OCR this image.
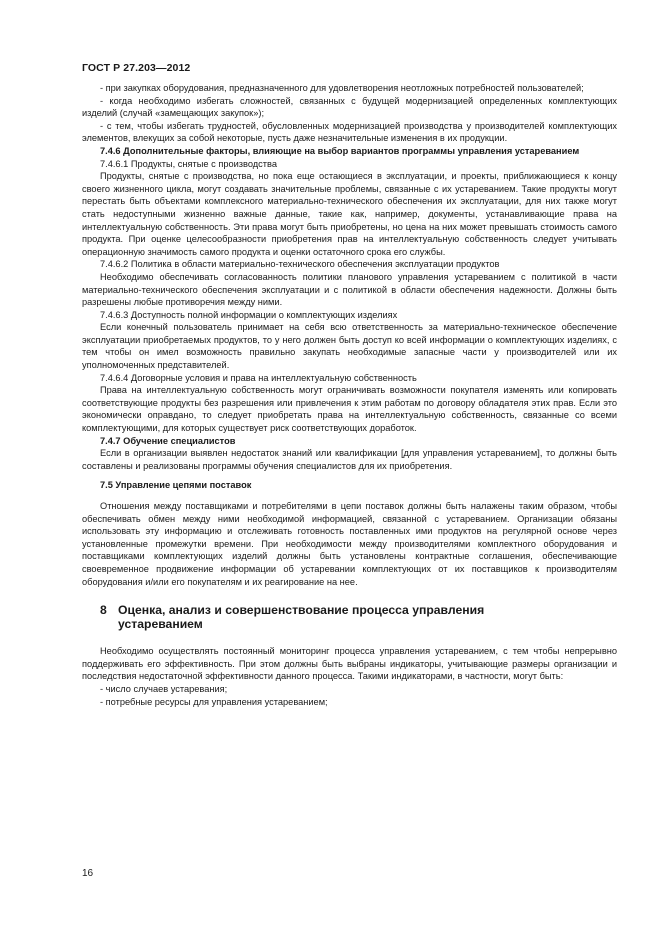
ГОСТ Р 27.203—2012

- при закупках оборудования, предназначенного для удовлетворения неотложных потребностей пользователей;

- когда необходимо избегать сложностей, связанных с будущей модернизацией определенных комплектующих изделий (случай «замещающих закупок»);

- с тем, чтобы избегать трудностей, обусловленных модернизацией производства у производителей комплектующих элементов, влекущих за собой некоторые, пусть даже незначительные изменения в их продукции.

7.4.6 Дополнительные факторы, влияющие на выбор вариантов программы управления устареванием

7.4.6.1 Продукты, снятые с производства

Продукты, снятые с производства, но пока еще остающиеся в эксплуатации, и проекты, приближающиеся к концу своего жизненного цикла, могут создавать значительные проблемы, связанные с их устареванием. Такие продукты могут перестать быть объектами комплексного материально-технического обеспечения их эксплуатации, для них также могут стать недоступными жизненно важные данные, такие как, например, документы, устанавливающие права на интеллектуальную собственность. Эти права могут быть приобретены, но цена на них может превышать стоимость самого продукта. При оценке целесообразности приобретения прав на интеллектуальную собственность следует учитывать операционную значимость самого продукта и оценки остаточного срока его службы.

7.4.6.2 Политика в области материально-технического обеспечения эксплуатации продуктов

Необходимо обеспечивать согласованность политики планового управления устареванием с политикой в части материально-технического обеспечения эксплуатации и с политикой в области обеспечения надежности. Должны быть разрешены любые противоречия между ними.

7.4.6.3 Доступность полной информации о комплектующих изделиях

Если конечный пользователь принимает на себя всю ответственность за материально-техническое обеспечение эксплуатации приобретаемых продуктов, то у него должен быть доступ ко всей информации о комплектующих изделиях, с тем чтобы он имел возможность правильно закупать необходимые запасные части у производителей или их уполномоченных представителей.

7.4.6.4 Договорные условия и права на интеллектуальную собственность

Права на интеллектуальную собственность могут ограничивать возможности покупателя изменять или копировать соответствующие продукты без разрешения или привлечения к этим работам по договору обладателя этих прав. Если это экономически оправдано, то следует приобретать права на интеллектуальную собственность, связанные со всеми комплектующими, для которых существует риск соответствующих доработок.

7.4.7 Обучение специалистов

Если в организации выявлен недостаток знаний или квалификации [для управления устареванием], то должны быть составлены и реализованы программы обучения специалистов для их приобретения.

7.5 Управление цепями поставок

Отношения между поставщиками и потребителями в цепи поставок должны быть налажены таким образом, чтобы обеспечивать обмен между ними необходимой информацией, связанной с устареванием. Организации обязаны использовать эту информацию и отслеживать готовность поставленных ими продуктов на регулярной основе через установленные промежутки времени. При необходимости между производителями комплектного оборудования и поставщиками комплектующих изделий должны быть установлены контрактные соглашения, обеспечивающие своевременное продвижение информации об устаревании комплектующих от их поставщиков к производителям оборудования и/или его покупателям и их реагирование на нее.

8 Оценка, анализ и совершенствование процесса управления
устареванием

Необходимо осуществлять постоянный мониторинг процесса управления устареванием, с тем чтобы непрерывно поддерживать его эффективность. При этом должны быть выбраны индикаторы, учитывающие размеры организации и последствия недостаточной эффективности данного процесса. Такими индикаторами, в частности, могут быть:

- число случаев устаревания;

- потребные ресурсы для управления устареванием;

16
